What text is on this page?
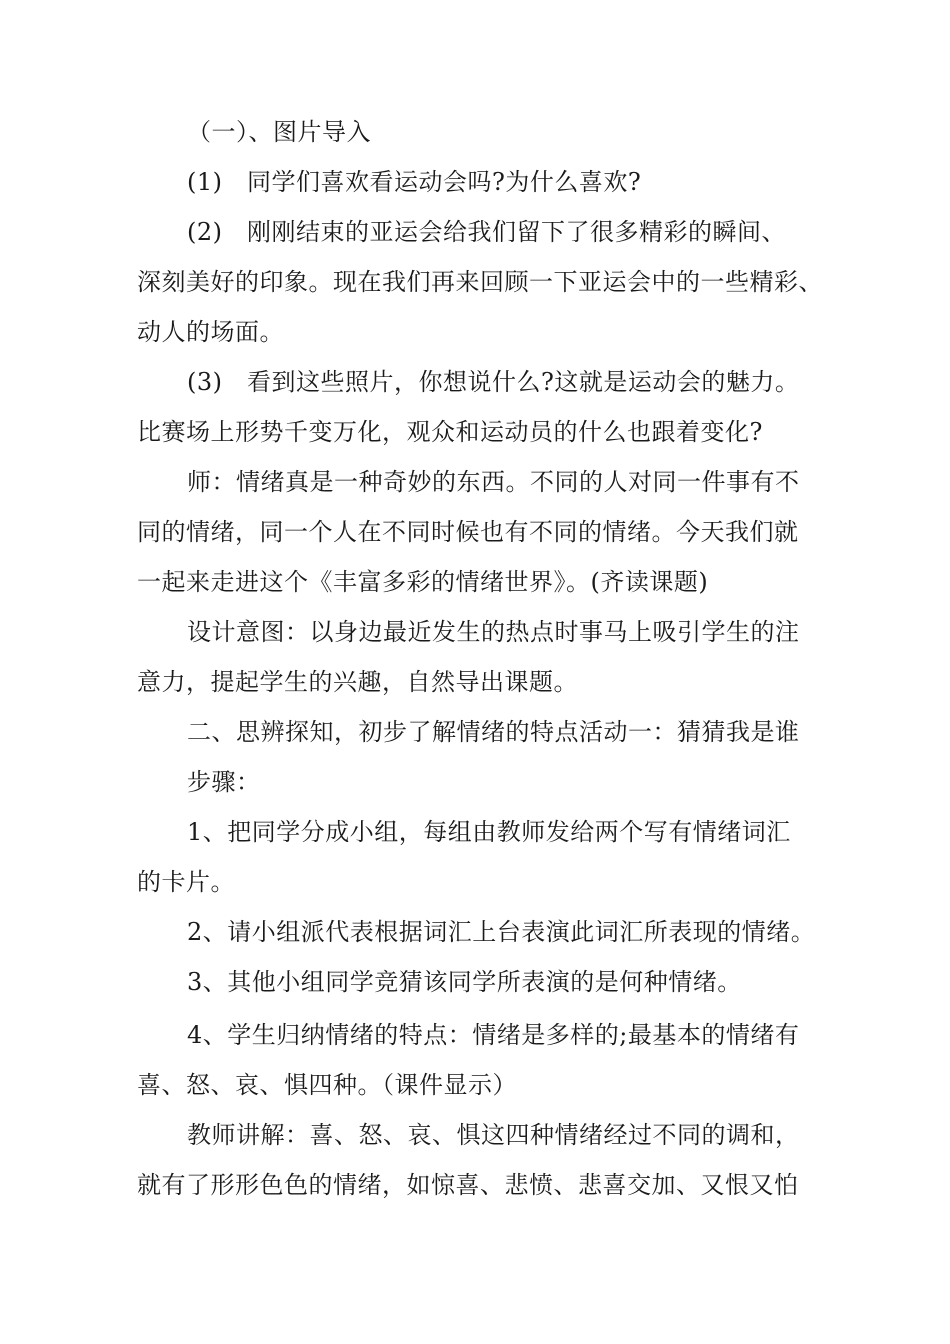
（一）、图片导入
(1)　同学们喜欢看运动会吗?为什么喜欢?
(2)　刚刚结束的亚运会给我们留下了很多精彩的瞬间、
深刻美好的印象。现在我们再来回顾一下亚运会中的一些精彩、
动人的场面。
(3)　看到这些照片，你想说什么?这就是运动会的魅力。
比赛场上形势千变万化，观众和运动员的什么也跟着变化?
师：情绪真是一种奇妙的东西。不同的人对同一件事有不
同的情绪，同一个人在不同时候也有不同的情绪。今天我们就
一起来走进这个《丰富多彩的情绪世界》。(齐读课题)
设计意图：以身边最近发生的热点时事马上吸引学生的注
意力，提起学生的兴趣，自然导出课题。
二、思辨探知，初步了解情绪的特点活动一：猜猜我是谁
步骤：
1、把同学分成小组，每组由教师发给两个写有情绪词汇
的卡片。
2、请小组派代表根据词汇上台表演此词汇所表现的情绪。
3、其他小组同学竞猜该同学所表演的是何种情绪。
4、学生归纳情绪的特点：情绪是多样的;最基本的情绪有
喜、怒、哀、惧四种。（课件显示）
教师讲解：喜、怒、哀、惧这四种情绪经过不同的调和，
就有了形形色色的情绪，如惊喜、悲愤、悲喜交加、又恨又怕
